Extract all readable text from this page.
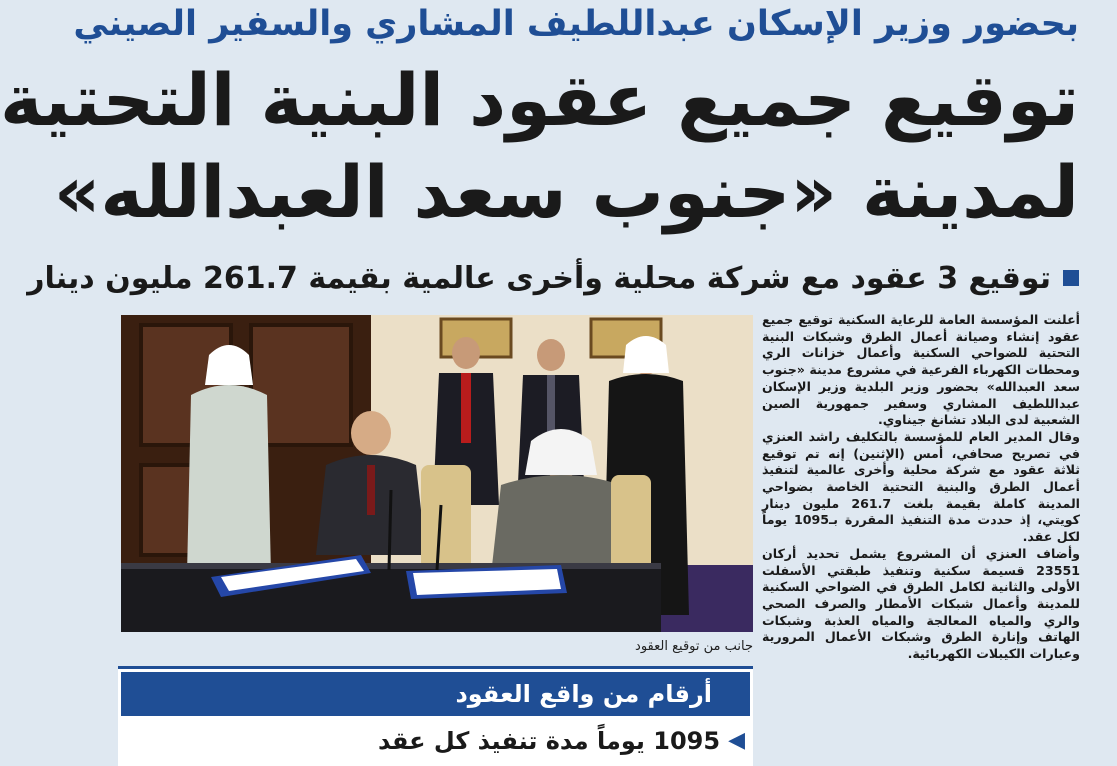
بحضور وزير الإسكان عبداللطيف المشاري والسفير الصيني
توقيع جميع عقود البنية التحتية
لمدينة «جنوب سعد العبدالله»
توقيع 3 عقود مع شركة محلية وأخرى عالمية بقيمة 261.7 مليون دينار
جانب من توقيع العقود

أعلنت المؤسسة العامة للرعاية السكنية توقيع جميع عقود إنشاء وصيانة أعمال الطرق وشبكات البنية التحتية للضواحي السكنية وأعمال خزانات الري ومحطات الكهرباء الفرعية في مشروع مدينة «جنوب سعد العبدالله» بحضور وزير البلدية وزير الإسكان عبداللطيف المشاري وسفير جمهورية الصين الشعبية لدى البلاد تشانغ جيناوي.

وقال المدير العام للمؤسسة بالتكليف راشد العنزي في تصريح صحافي، أمس (الإثنين) إنه تم توقيع ثلاثة عقود مع شركة محلية وأخرى عالمية لتنفيذ أعمال الطرق والبنية التحتية الخاصة بضواحي المدينة كاملة بقيمة بلغت 261.7 مليون دينار كويتي، إذ حددت مدة التنفيذ المقررة بـ1095 يوماً لكل عقد.

وأضاف العنزي أن المشروع يشمل تحديد أركان 23551 قسيمة سكنية وتنفيذ طبقتي الأسفلت الأولى والثانية لكامل الطرق في الضواحي السكنية للمدينة وأعمال شبكات الأمطار والصرف الصحي والري والمياه المعالجة والمياه العذبة وشبكات الهاتف وإنارة الطرق وشبكات الأعمال المرورية وعبارات الكيبلات الكهربائية.

أرقام من واقع العقود
◀
1095 يوماً مدة تنفيذ كل عقد
